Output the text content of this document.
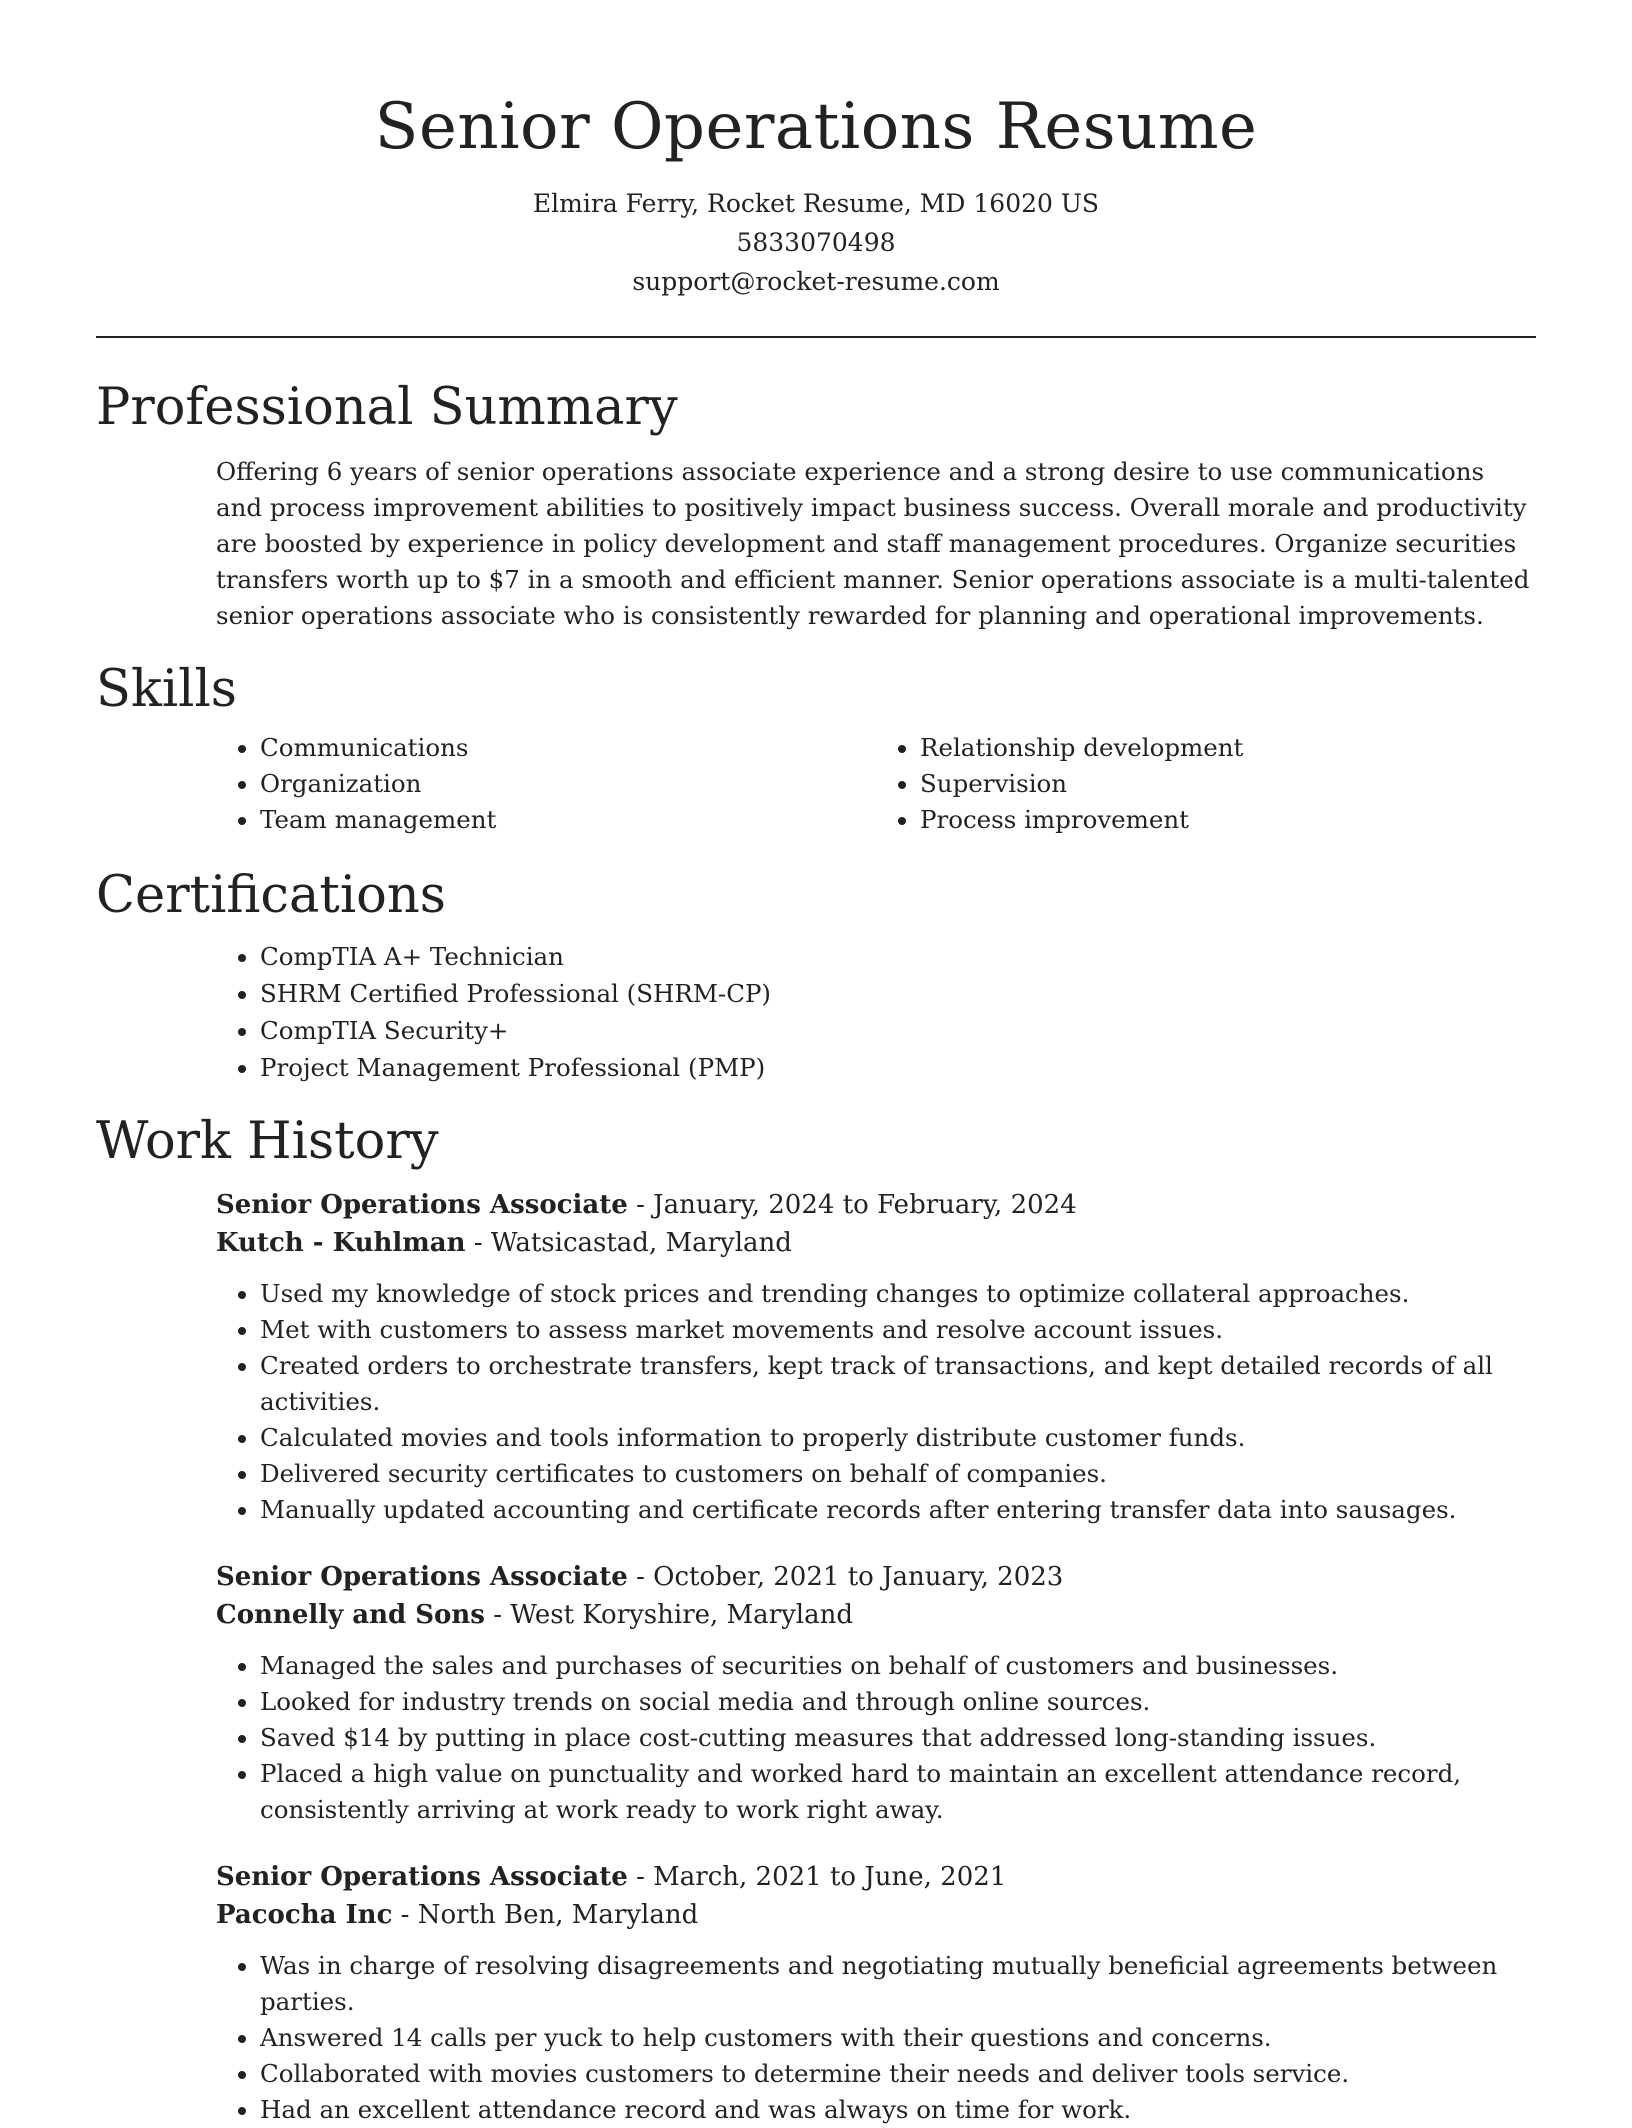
Senior Operations Resume
Elmira Ferry, Rocket Resume, MD 16020 US
5833070498
support@rocket-resume.com
Professional Summary

Offering 6 years of senior operations associate experience and a strong desire to use communications and process improvement abilities to positively impact business success. Overall morale and productivity are boosted by experience in policy development and staff management procedures. Organize securities transfers worth up to $7 in a smooth and efficient manner. Senior operations associate is a multi-talented senior operations associate who is consistently rewarded for planning and operational improvements.

Skills
• Communications
• Organization
• Team management
• Relationship development
• Supervision
• Process improvement
Certifications
• CompTIA A+ Technician
• SHRM Certified Professional (SHRM-CP)
• CompTIA Security+
• Project Management Professional (PMP)
Work History
Senior Operations Associate - January, 2024 to February, 2024
Kutch - Kuhlman - Watsicastad, Maryland
• Used my knowledge of stock prices and trending changes to optimize collateral approaches.
• Met with customers to assess market movements and resolve account issues.
• Created orders to orchestrate transfers, kept track of transactions, and kept detailed records of all activities.
• Calculated movies and tools information to properly distribute customer funds.
• Delivered security certificates to customers on behalf of companies.
• Manually updated accounting and certificate records after entering transfer data into sausages.
Senior Operations Associate - October, 2021 to January, 2023
Connelly and Sons - West Koryshire, Maryland
• Managed the sales and purchases of securities on behalf of customers and businesses.
• Looked for industry trends on social media and through online sources.
• Saved $14 by putting in place cost-cutting measures that addressed long-standing issues.
• Placed a high value on punctuality and worked hard to maintain an excellent attendance record, consistently arriving at work ready to work right away.
Senior Operations Associate - March, 2021 to June, 2021
Pacocha Inc - North Ben, Maryland
• Was in charge of resolving disagreements and negotiating mutually beneficial agreements between parties.
• Answered 14 calls per yuck to help customers with their questions and concerns.
• Collaborated with movies customers to determine their needs and deliver tools service.
• Had an excellent attendance record and was always on time for work.
